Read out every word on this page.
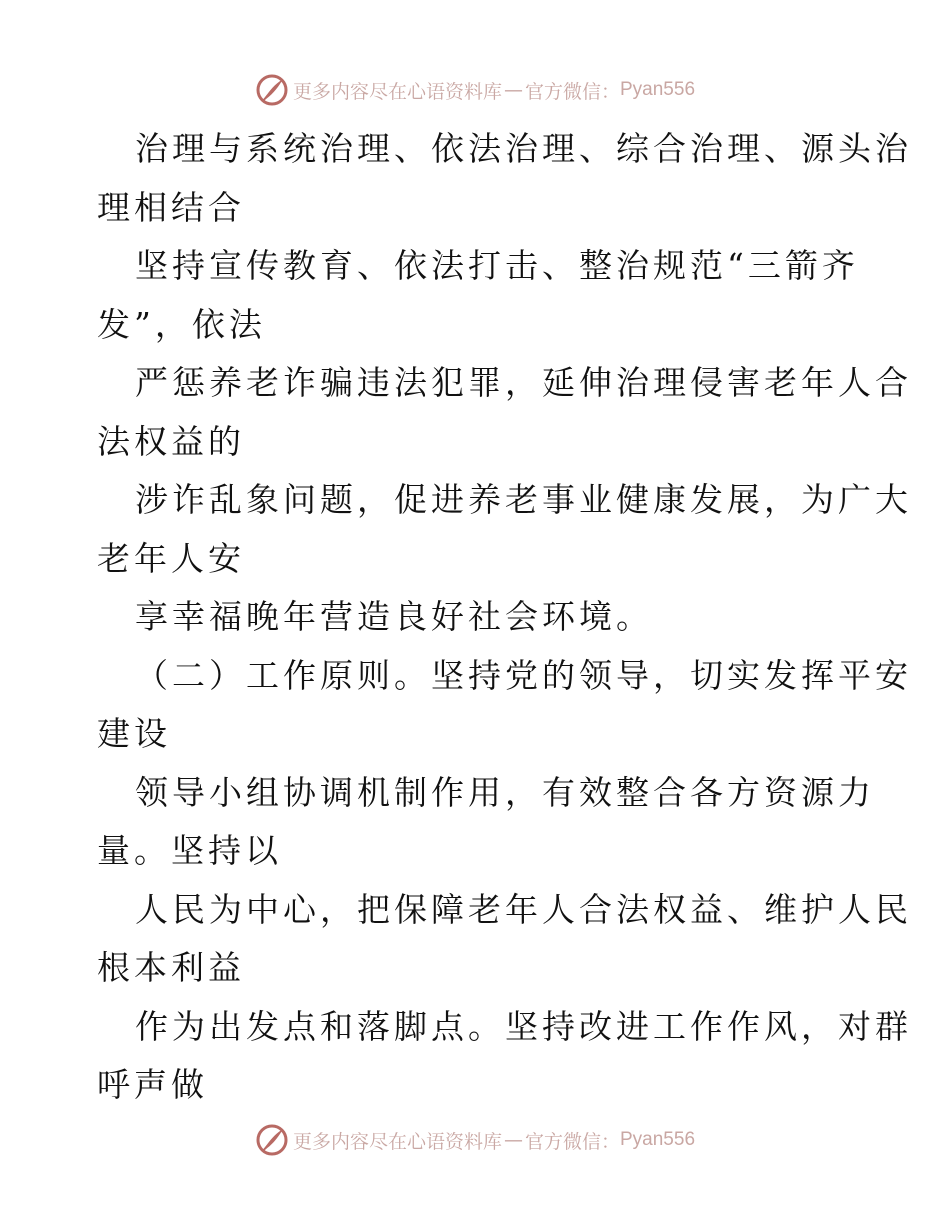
更多内容尽在心语资料库 — 官方微信： Pyan556
治理与系统治理、依法治理、综合治理、源头治
理相结合
坚持宣传教育、依法打击、整治规范“三箭齐
发”，依法
严惩养老诈骗违法犯罪，延伸治理侵害老年人合
法权益的
涉诈乱象问题，促进养老事业健康发展，为广大
老年人安
享幸福晚年营造良好社会环境。
（二）工作原则。坚持党的领导，切实发挥平安
建设
领导小组协调机制作用，有效整合各方资源力
量。坚持以
人民为中心，把保障老年人合法权益、维护人民
根本利益
作为出发点和落脚点。坚持改进工作作风，对群
呼声做
更多内容尽在心语资料库 — 官方微信： Pyan556
